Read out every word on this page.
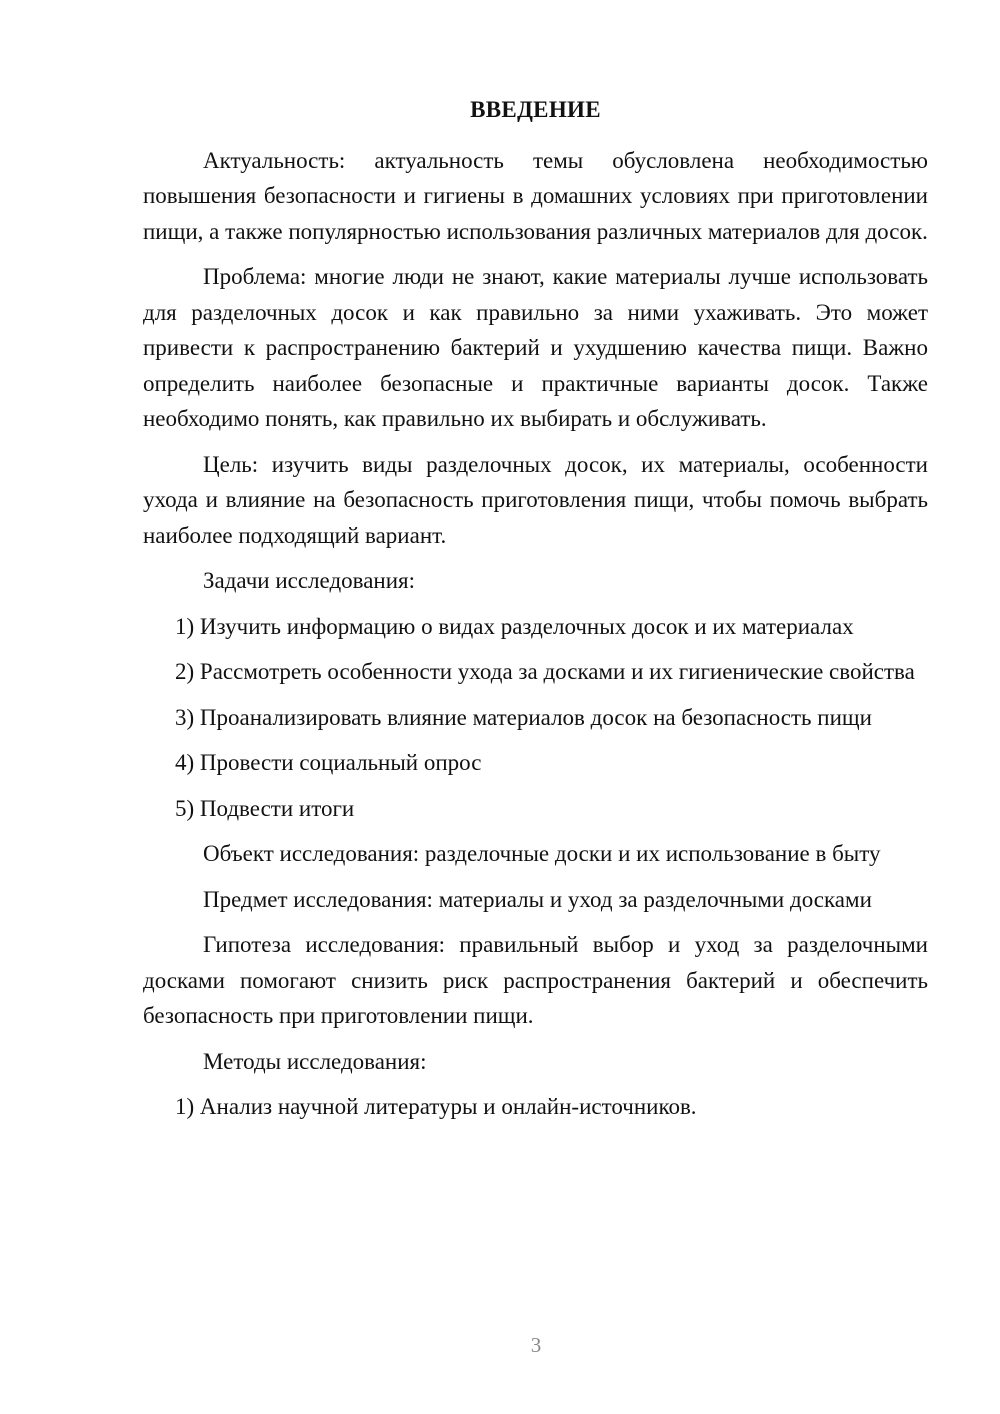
ВВЕДЕНИЕ

Актуальность: актуальность темы обусловлена необходимостью повышения безопасности и гигиены в домашних условиях при приготовлении пищи, а также популярностью использования различных материалов для досок.

Проблема: многие люди не знают, какие материалы лучше использовать для разделочных досок и как правильно за ними ухаживать. Это может привести к распространению бактерий и ухудшению качества пищи. Важно определить наиболее безопасные и практичные варианты досок. Также необходимо понять, как правильно их выбирать и обслуживать.

Цель: изучить виды разделочных досок, их материалы, особенности ухода и влияние на безопасность приготовления пищи, чтобы помочь выбрать наиболее подходящий вариант.

Задачи исследования:

1) Изучить информацию о видах разделочных досок и их материалах

2) Рассмотреть особенности ухода за досками и их гигиенические свойства

3) Проанализировать влияние материалов досок на безопасность пищи

4) Провести социальный опрос

5) Подвести итоги

Объект исследования: разделочные доски и их использование в быту

Предмет исследования: материалы и уход за разделочными досками

Гипотеза исследования: правильный выбор и уход за разделочными досками помогают снизить риск распространения бактерий и обеспечить безопасность при приготовлении пищи.

Методы исследования:

1) Анализ научной литературы и онлайн-источников.

3
